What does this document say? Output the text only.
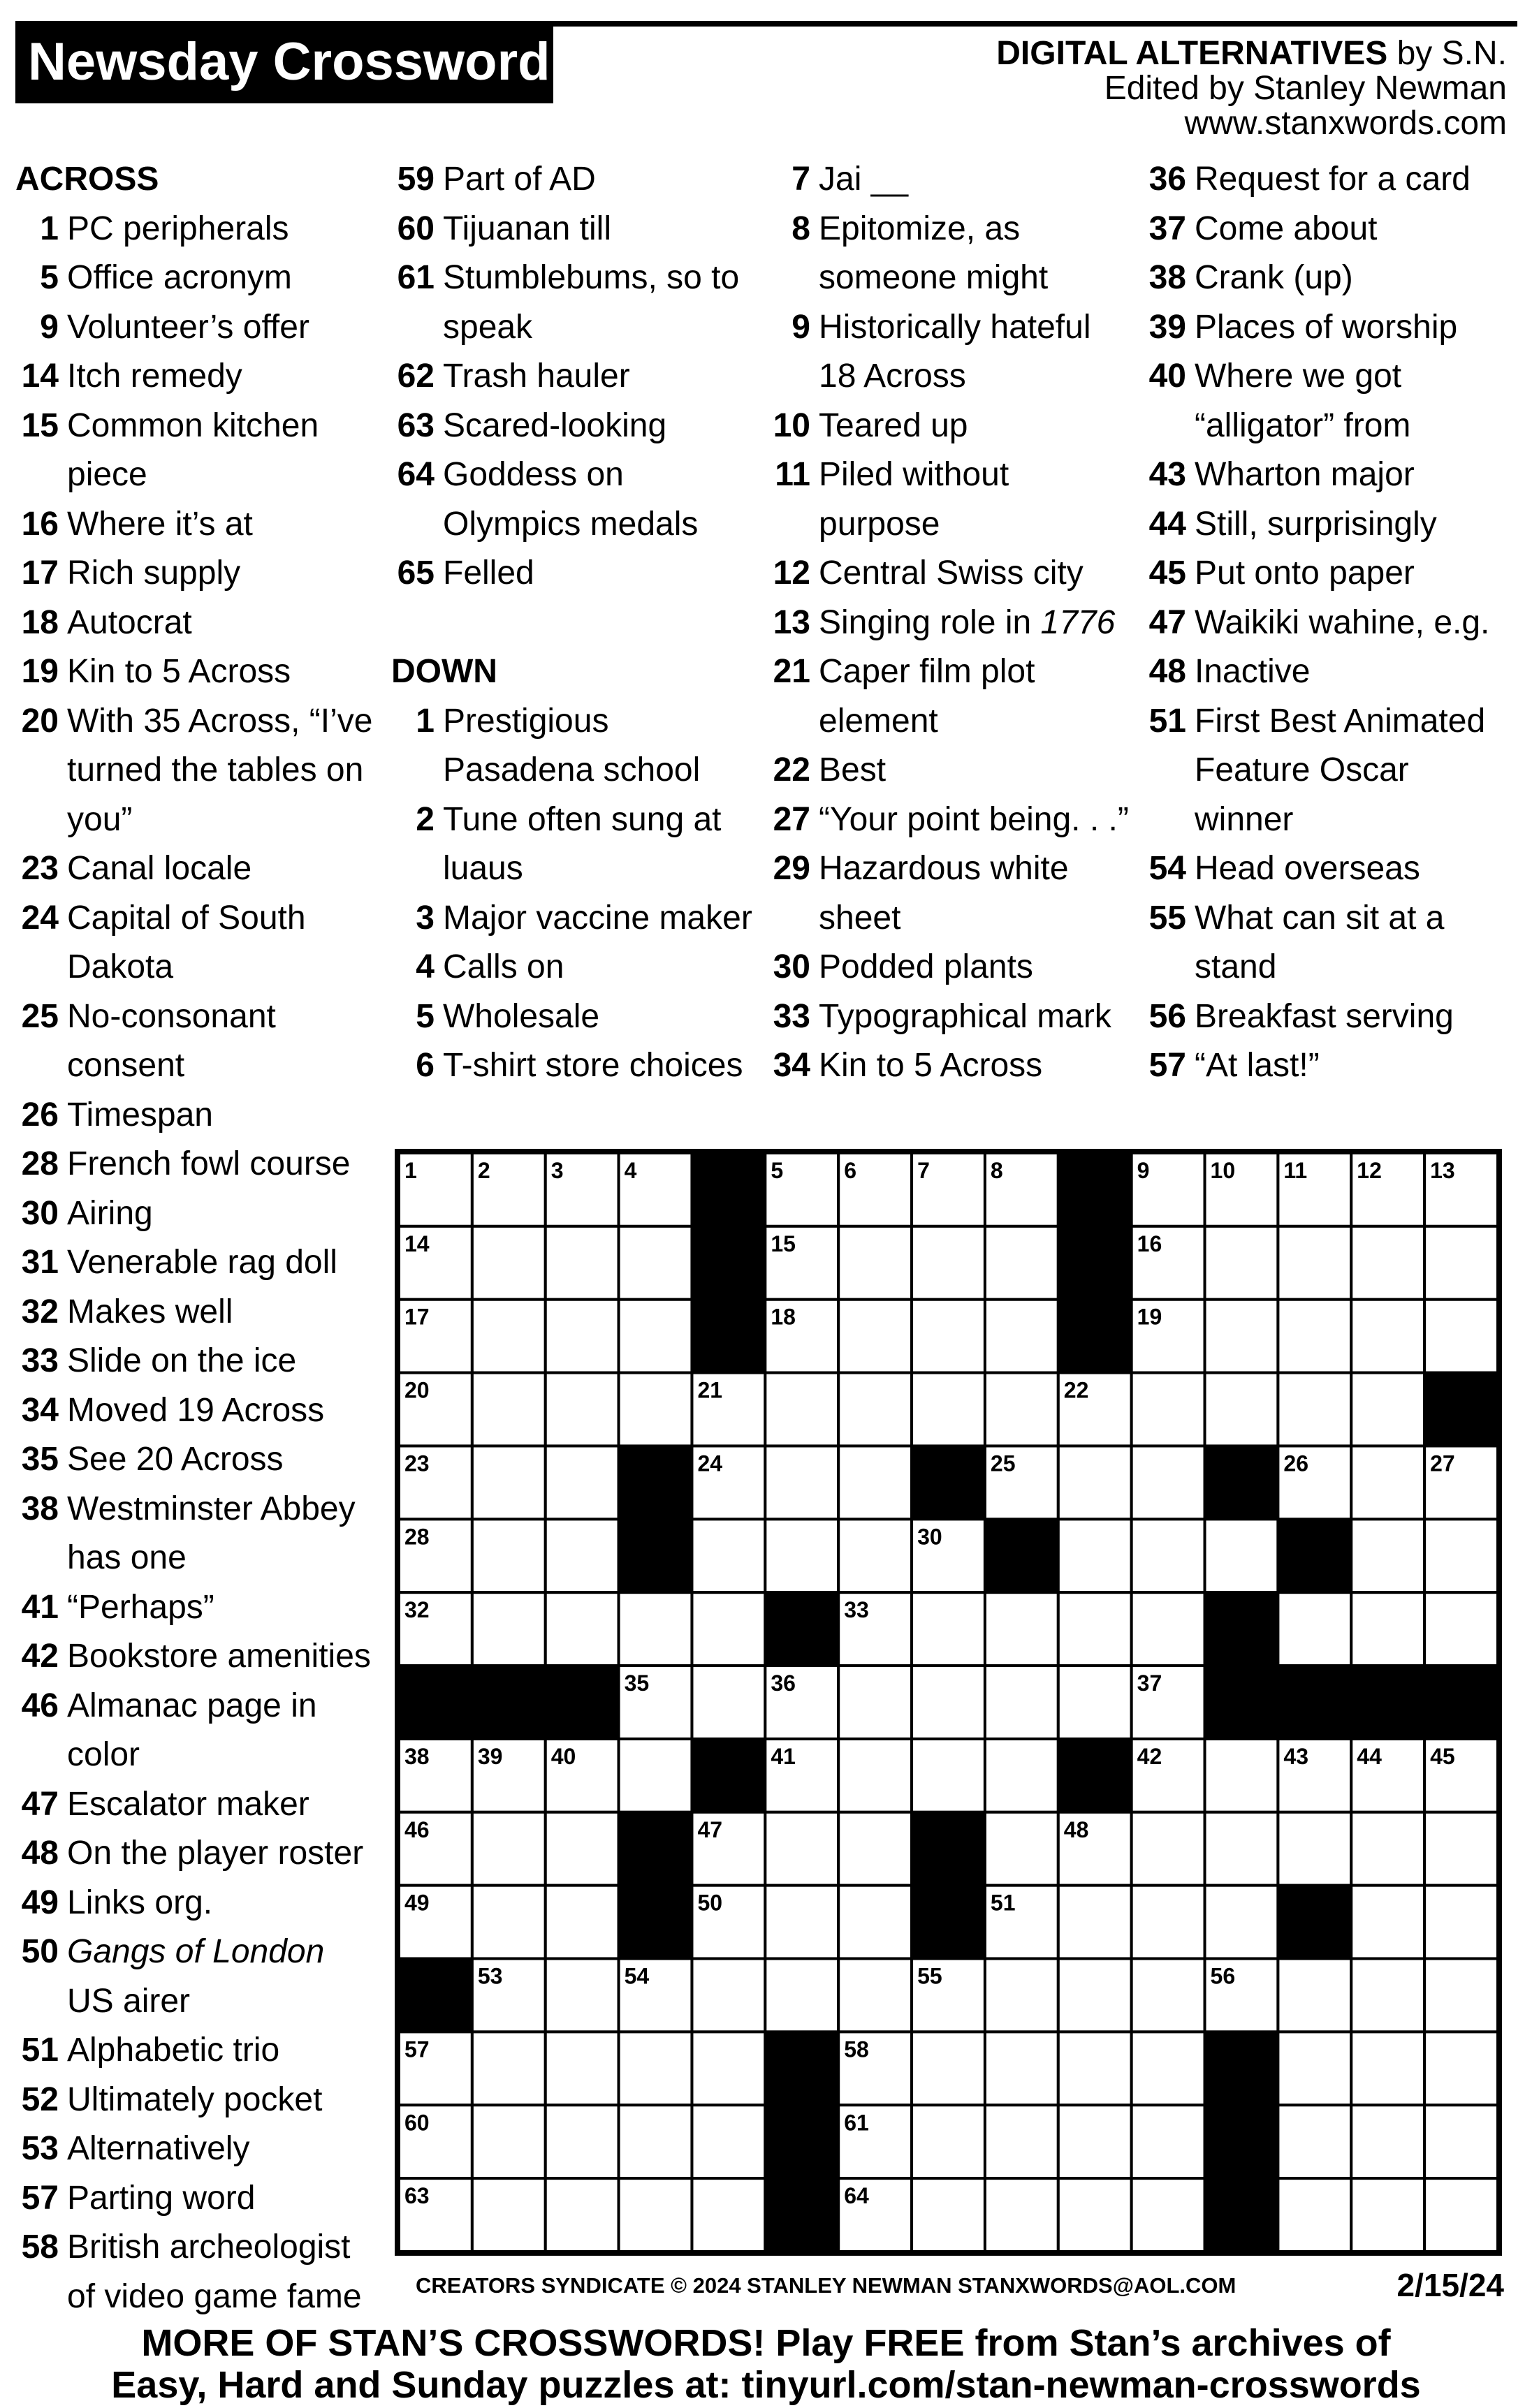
Newsday Crossword	DIGITAL ALTERNATIVES by S.N.
Edited by Stanley Newman
www.stanxwords.com
ACROSS
1 PC peripherals
5 Office acronym
9 Volunteer’s offer
14 Itch remedy
15 Common kitchen
piece
16 Where it’s at
17 Rich supply
18 Autocrat
19 Kin to 5 Across
20 With 35 Across, “I’ve
turned the tables on
you”
23 Canal locale
24 Capital of South
Dakota
25 No-consonant
consent
26 Timespan
28 French fowl course
30 Airing
31 Venerable rag doll
32 Makes well
33 Slide on the ice
34 Moved 19 Across
35 See 20 Across
38 Westminster Abbey
has one
41 “Perhaps”
42 Bookstore amenities
46 Almanac page in
color
47 Escalator maker
48 On the player roster
49 Links org.
50 Gangs of London
US airer
51 Alphabetic trio
52 Ultimately pocket
53 Alternatively
57 Parting word
58 British archeologist
of video game fame
59 Part of AD
60 Tijuanan till
61 Stumblebums, so to
speak
62 Trash hauler
63 Scared-looking
64 Goddess on
Olympics medals
65 Felled
DOWN
1 Prestigious
Pasadena school
2 Tune often sung at
luaus
3 Major vaccine maker
4 Calls on
5 Wholesale
6 T-shirt store choices
7 Jai __
8 Epitomize, as
someone might
9 Historically hateful
18 Across
10 Teared up
11 Piled without
purpose
12 Central Swiss city
13 Singing role in 1776
21 Caper film plot
element
22 Best
27 “Your point being. . .”
29 Hazardous white
sheet
30 Podded plants
33 Typographical mark
34 Kin to 5 Across
36 Request for a card
37 Come about
38 Crank (up)
39 Places of worship
40 Where we got
“alligator” from
43 Wharton major
44 Still, surprisingly
45 Put onto paper
47 Waikiki wahine, e.g.
48 Inactive
51 First Best Animated
Feature Oscar
winner
54 Head overseas
55 What can sit at a
stand
56 Breakfast serving
57 “At last!”
1	2	3	4	5	6	7	8	9	10 11 12 13
14	15	16
17	18	19
20	21	22
23	24	25	26	27
28	29	30	31
32	33	34
35	36	37
38 39 40	41	42	43 44 45
46	47	48
49	50	51	52
53	54	55	56
57	58	59
60	61	62
63	64	65
CREATORS SYNDICATE © 2024 STANLEY NEWMAN STANXWORDS@AOL.COM	2/15/24
MORE OF STAN’S CROSSWORDS! Play FREE from Stan’s archives of
Easy, Hard and Sunday puzzles at: tinyurl.com/stan-newman-crosswords
